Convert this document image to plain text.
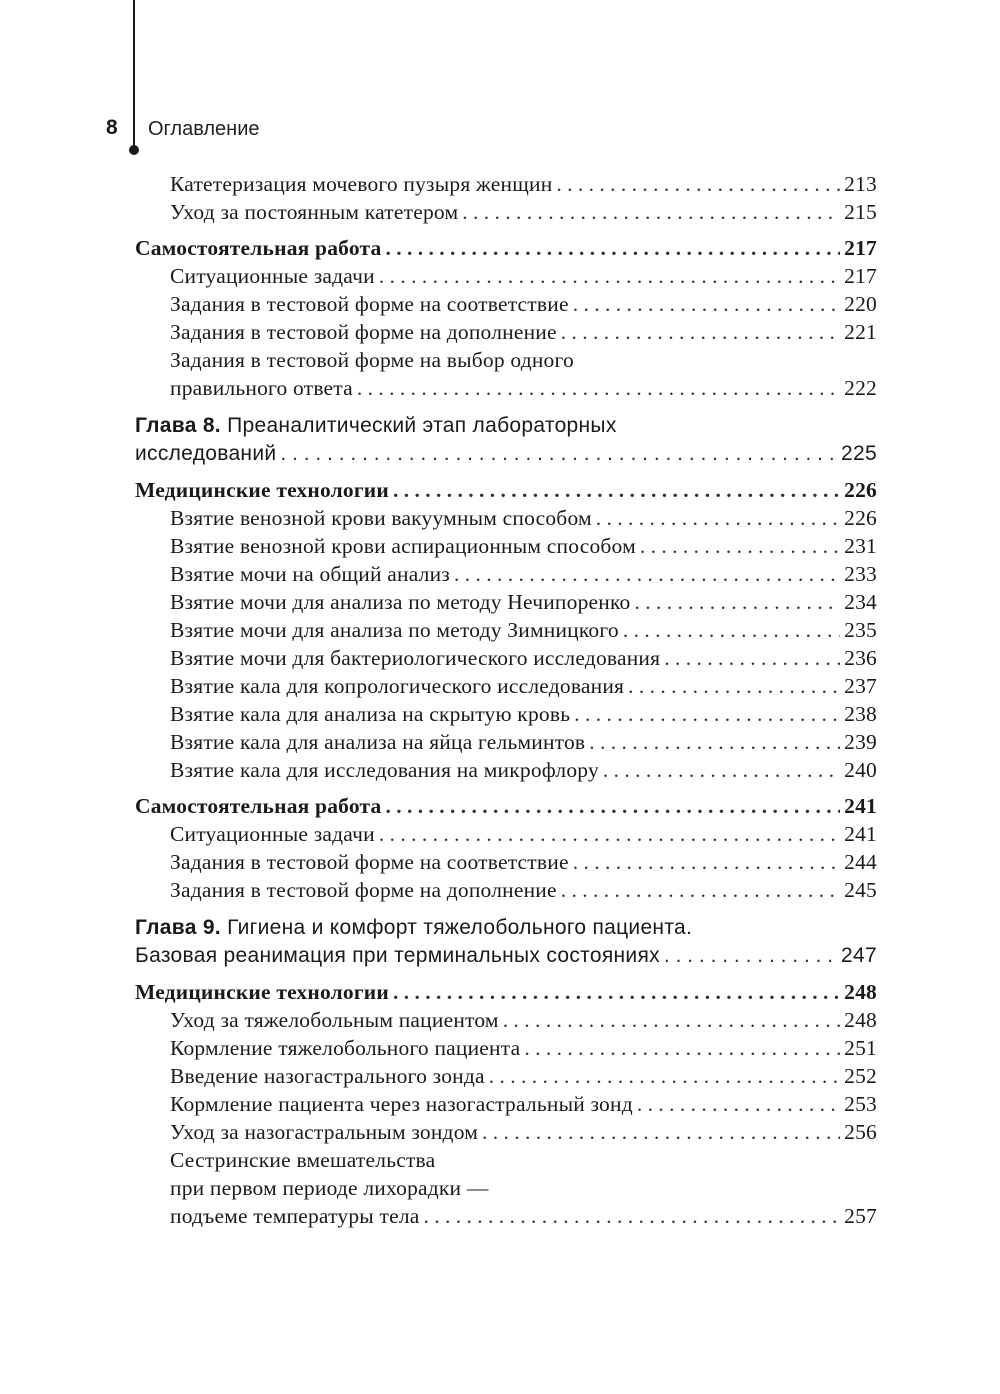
8 Оглавление
Катетеризация мочевого пузыря женщин . . .	213
Уход за постоянным катетером . . .	215
Самостоятельная работа . . .	217
Ситуационные задачи . . .	217
Задания в тестовой форме на соответствие . . .	220
Задания в тестовой форме на дополнение . . .	221
Задания в тестовой форме на выбор одного
правильного ответа . . .	222
Глава 8. Преаналитический этап лабораторных
исследований . . .	225
Медицинские технологии . . .	226
Взятие венозной крови вакуумным способом . . .	226
Взятие венозной крови аспирационным способом . . .	231
Взятие мочи на общий анализ . . .	233
Взятие мочи для анализа по методу Нечипоренко . . .	234
Взятие мочи для анализа по методу Зимницкого . . .	235
Взятие мочи для бактериологического исследования . . .	236
Взятие кала для копрологического исследования . . .	237
Взятие кала для анализа на скрытую кровь . . .	238
Взятие кала для анализа на яйца гельминтов . . .	239
Взятие кала для исследования на микрофлору . . .	240
Самостоятельная работа . . .	241
Ситуационные задачи . . .	241
Задания в тестовой форме на соответствие . . .	244
Задания в тестовой форме на дополнение . . .	245
Глава 9. Гигиена и комфорт тяжелобольного пациента.
Базовая реанимация при терминальных состояниях . . .	247
Медицинские технологии . . .	248
Уход за тяжелобольным пациентом . . .	248
Кормление тяжелобольного пациента . . .	251
Введение назогастрального зонда . . .	252
Кормление пациента через назогастральный зонд . . .	253
Уход за назогастральным зондом . . .	256
Сестринские вмешательства
при первом периоде лихорадки —
подъеме температуры тела . . .	257
